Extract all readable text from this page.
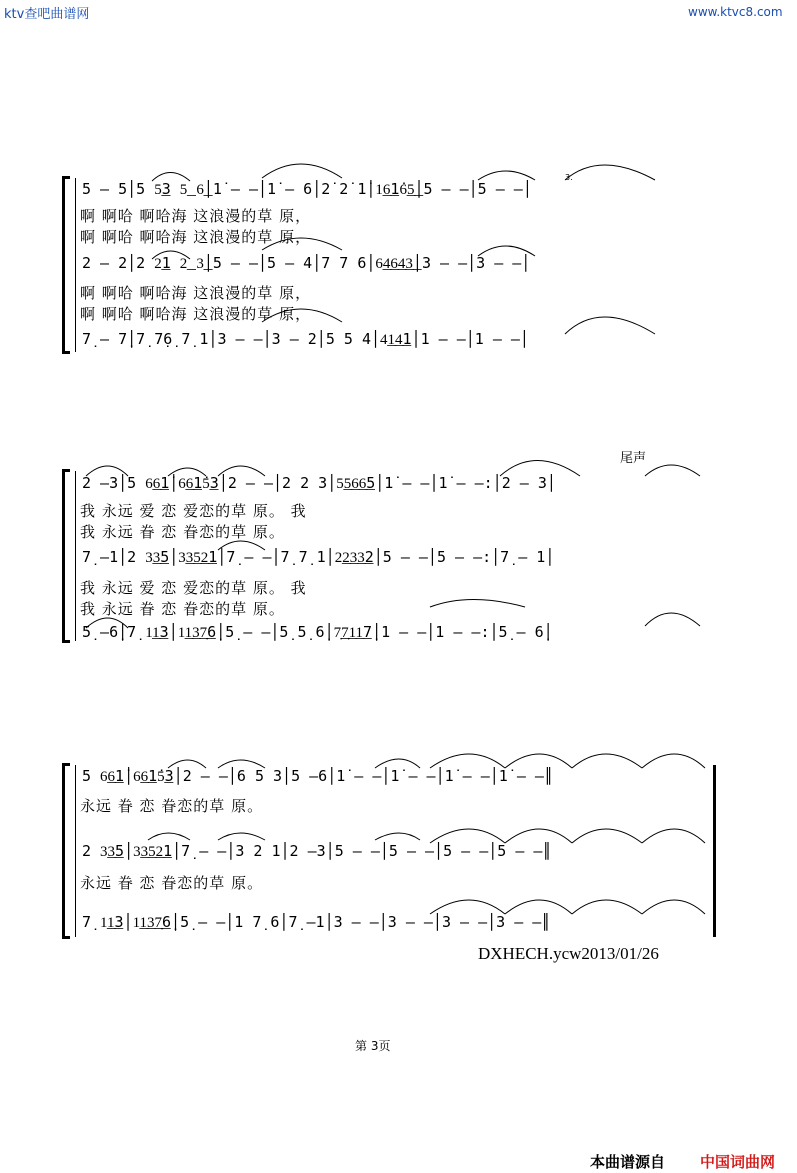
ktv查吧曲谱网	www.ktvc8.com
3.
5 – 5│5 5͟3 5͟ 6͟│1̇ – –│1̇ – 6│2̇ 2̇ 1̇│1͟6͟1̇6͟5͟│5 – –│5 – –│
啊 啊哈 啊哈海 这浪漫的草 原，
啊 啊哈 啊哈海 这浪漫的草 原，
2 – 2│2 2͟1 2͟ 3͟│5 – –│5 – 4│7 7 6│6͟4͟6͟4͟3͟│3 – –│3 – –│
啊 啊哈 啊哈海 这浪漫的草 原，
啊 啊哈 啊哈海 这浪漫的草 原，
7̣ – 7̣│7̣ 7̣6̣ 7̣ 1│3 – –│3 – 2│5 5 4│4͟1͟4͟1│1 – –│1 – –│
尾声
2 –3│5 6͟6͟1̇│6͟6͟1̇5͟3│2 – –│2 2 3│5͟5͟6͟6͟5│1̇ – –│1̇ – –:│2 – 3│
我 永远 爱 恋 爱恋的草 原。 我
我 永远 眷 恋 眷恋的草 原。
7̣ –1│2 3͟3͟5│3͟3͟5͟2͟1│7̣ – –│7̣ 7̣ 1│2͟2͟3͟3͟2│5 – –│5 – –:│7̣ – 1│
我 永远 爱 恋 爱恋的草 原。 我
我 永远 眷 恋 眷恋的草 原。
5̣ –6̣│7̣ 1͟1͟3│1͟1͟3͟7̣͟6̣│5̣ – –│5̣ 5̣ 6̣│7̣͟7̣͟1͟1͟7̣│1 – –│1 – –:│5̣ – 6̣│
5 6͟6͟1̇│6͟6͟1̇5͟3│2 – –│6 5 3│5 –6│1̇ – –│1̇ – –│1̇ – –│1̇ – –║
永远 眷 恋 眷恋的草 原。
2 3͟3͟5│3͟3͟5͟2͟1│7̣ – –│3 2 1│2 –3│5 – –│5 – –│5 – –│5 – –║
永远 眷 恋 眷恋的草 原。
7̣ 1͟1͟3│1͟1͟3͟7̣͟6̣│5̣ – –│1 7̣ 6│7̣ –1│3 – –│3 – –│3 – –│3 – –║
DXHECH.ycw2013/01/26
第 3页
本曲谱源自 中国词曲网
